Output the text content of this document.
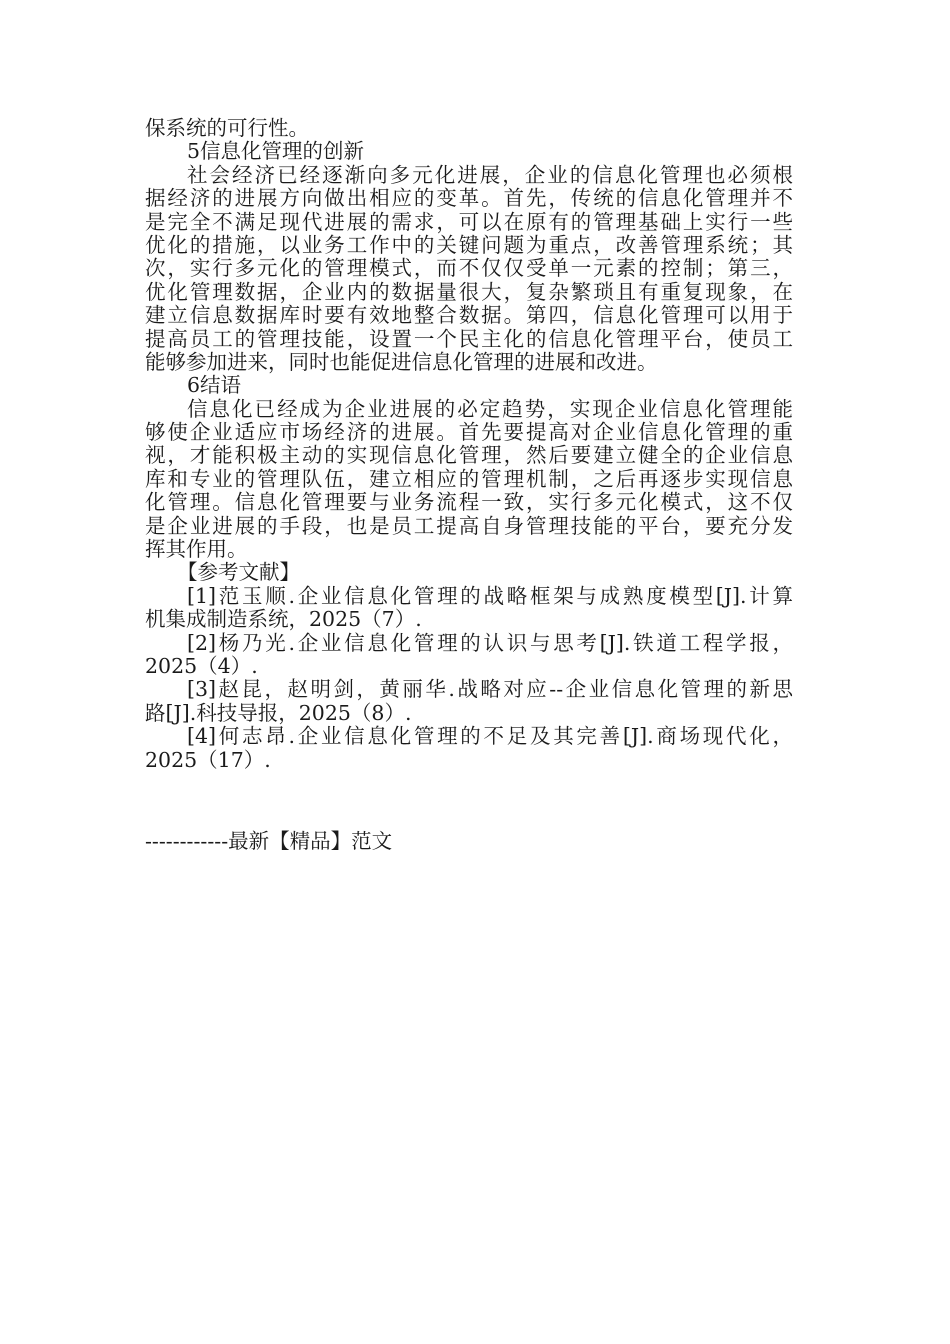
保系统的可行性。
5信息化管理的创新
社会经济已经逐渐向多元化进展，企业的信息化管理也必须根
据经济的进展方向做出相应的变革。首先，传统的信息化管理并不
是完全不满足现代进展的需求，可以在原有的管理基础上实行一些
优化的措施，以业务工作中的关键问题为重点，改善管理系统；其
次，实行多元化的管理模式，而不仅仅受单一元素的控制；第三，
优化管理数据，企业内的数据量很大，复杂繁琐且有重复现象，在
建立信息数据库时要有效地整合数据。第四，信息化管理可以用于
提高员工的管理技能，设置一个民主化的信息化管理平台，使员工
能够参加进来，同时也能促进信息化管理的进展和改进。
6结语
信息化已经成为企业进展的必定趋势，实现企业信息化管理能
够使企业适应市场经济的进展。首先要提高对企业信息化管理的重
视，才能积极主动的实现信息化管理，然后要建立健全的企业信息
库和专业的管理队伍，建立相应的管理机制，之后再逐步实现信息
化管理。信息化管理要与业务流程一致，实行多元化模式，这不仅
是企业进展的手段，也是员工提高自身管理技能的平台，要充分发
挥其作用。
【参考文献】
[1]范玉顺.企业信息化管理的战略框架与成熟度模型[J].计算
机集成制造系统，2025（7）.
[2]杨乃光.企业信息化管理的认识与思考[J].铁道工程学报，
2025（4）.
[3]赵昆，赵明剑，黄丽华.战略对应--企业信息化管理的新思
路[J].科技导报，2025（8）.
[4]何志昂.企业信息化管理的不足及其完善[J].商场现代化，
2025（17）.
------------最新【精品】范文
